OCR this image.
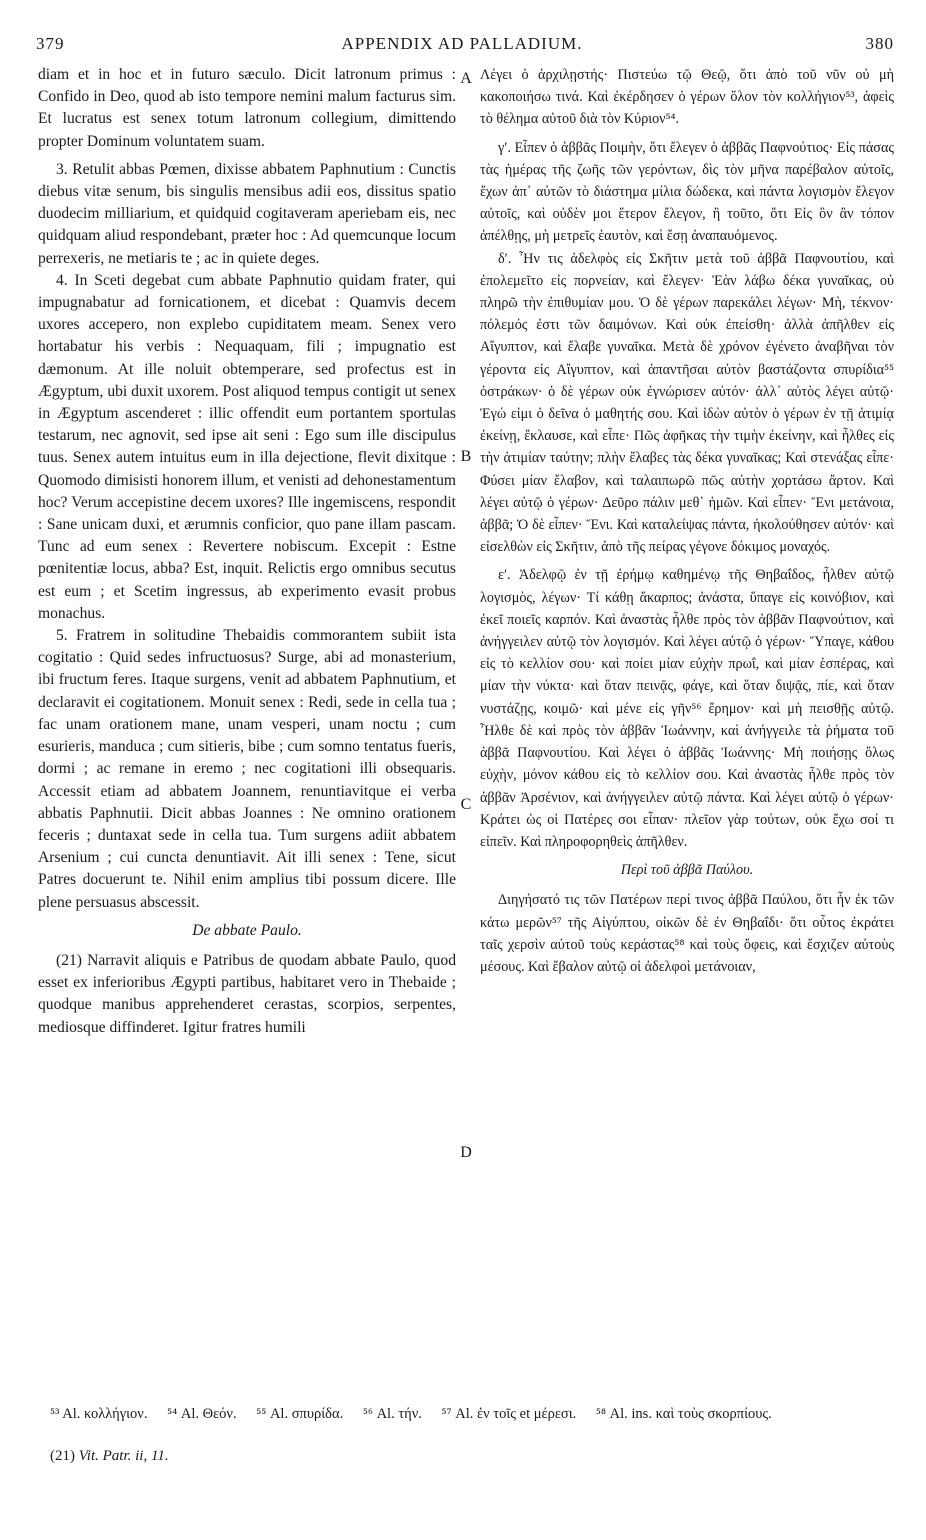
379	APPENDIX AD PALLADIUM.	380

diam et in hoc et in futuro sæculo. Dicit latronum primus : Confido in Deo, quod ab isto tempore nemini malum facturus sim. Et lucratus est senex totum latronum collegium, dimittendo propter Dominum voluntatem suam.

3. Retulit abbas Pœmen, dixisse abbatem Paphnutium : Cunctis diebus vitæ senum, bis singulis mensibus adii eos, dissitus spatio duodecim milliarium, et quidquid cogitaveram aperiebam eis, nec quidquam aliud respondebant, præter hoc : Ad quemcunque locum perrexeris, ne metiaris te ; ac in quiete deges.

4. In Sceti degebat cum abbate Paphnutio quidam frater, qui impugnabatur ad fornicationem, et dicebat : Quamvis decem uxores accepero, non explebo cupiditatem meam. Senex vero hortabatur his verbis : Nequaquam, fili ; impugnatio est dæmonum. At ille noluit obtemperare, sed profectus est in Ægyptum, ubi duxit uxorem. Post aliquod tempus contigit ut senex in Ægyptum ascenderet : illic offendit eum portantem sportulas testarum, nec agnovit, sed ipse ait seni : Ego sum ille discipulus tuus. Senex autem intuitus eum in illa dejectione, flevit dixitque : Quomodo dimisisti honorem illum, et venisti ad dehonestamentum hoc? Verum accepistine decem uxores? Ille ingemiscens, respondit : Sane unicam duxi, et ærumnis conficior, quo pane illam pascam. Tunc ad eum senex : Revertere nobiscum. Excepit : Estne pœnitentiæ locus, abba? Est, inquit. Relictis ergo omnibus secutus est eum ; et Scetim ingressus, ab experimento evasit probus monachus.

5. Fratrem in solitudine Thebaidis commorantem subiit ista cogitatio : Quid sedes infructuosus? Surge, abi ad monasterium, ibi fructum feres. Itaque surgens, venit ad abbatem Paphnutium, et declaravit ei cogitationem. Monuit senex : Redi, sede in cella tua ; fac unam orationem mane, unam vesperi, unam noctu ; cum esurieris, manduca ; cum sitieris, bibe ; cum somno tentatus fueris, dormi ; ac remane in eremo ; nec cogitationi illi obsequaris. Accessit etiam ad abbatem Joannem, renuntiavitque ei verba abbatis Paphnutii. Dicit abbas Joannes : Ne omnino orationem feceris ; duntaxat sede in cella tua. Tum surgens adiit abbatem Arsenium ; cui cuncta denuntiavit. Ait illi senex : Tene, sicut Patres docuerunt te. Nihil enim amplius tibi possum dicere. Ille plene persuasus abscessit.

De abbate Paulo.

(21) Narravit aliquis e Patribus de quodam abbate Paulo, quod esset ex inferioribus Ægypti partibus, habitaret vero in Thebaide ; quodque manibus apprehenderet cerastas, scorpios, serpentes, mediosque diffinderet. Igitur fratres humili

A
B
C
D

Λέγει ὁ ἀρχιλῃστής· Πιστεύω τῷ Θεῷ, ὅτι ἀπὸ τοῦ νῦν οὐ μὴ κακοποιήσω τινά. Καὶ ἐκέρδησεν ὁ γέρων ὅλον τὸν κολλήγιον⁵³, ἀφεὶς τὸ θέλημα αὐτοῦ διὰ τὸν Κύριον⁵⁴.

γʹ. Εἶπεν ὁ ἀββᾶς Ποιμὴν, ὅτι ἔλεγεν ὁ ἀββᾶς Παφνούτιος· Εἰς πάσας τὰς ἡμέρας τῆς ζωῆς τῶν γερόντων, δὶς τὸν μῆνα παρέβαλον αὐτοῖς, ἔχων ἀπ᾽ αὐτῶν τὸ διάστημα μίλια δώδεκα, καὶ πάντα λογισμὸν ἔλεγον αὐτοῖς, καὶ οὐδὲν μοι ἕτερον ἔλεγον, ἢ τοῦτο, ὅτι Εἰς ὃν ἂν τόπον ἀπέλθῃς, μὴ μετρεῖς ἑαυτὸν, καὶ ἔσῃ ἀναπαυόμενος.

δʹ. Ἦν τις ἀδελφὸς εἰς Σκῆτιν μετὰ τοῦ ἀββᾶ Παφνουτίου, καὶ ἐπολεμεῖτο εἰς πορνείαν, καὶ ἔλεγεν· Ἐὰν λάβω δέκα γυναῖκας, οὐ πληρῶ τὴν ἐπιθυμίαν μου. Ὁ δὲ γέρων παρεκάλει λέγων· Μὴ, τέκνον· πόλεμός ἐστι τῶν δαιμόνων. Καὶ οὐκ ἐπείσθη· ἀλλὰ ἀπῆλθεν εἰς Αἴγυπτον, καὶ ἔλαβε γυναῖκα. Μετὰ δὲ χρόνον ἐγένετο ἀναβῆναι τὸν γέροντα εἰς Αἴγυπτον, καὶ ἀπαντῆσαι αὐτὸν βαστάζοντα σπυρίδια⁵⁵ ὀστράκων· ὁ δὲ γέρων οὐκ ἐγνώρισεν αὐτόν· ἀλλ᾽ αὐτὸς λέγει αὐτῷ· Ἐγώ εἰμι ὁ δεῖνα ὁ μαθητής σου. Καὶ ἰδὼν αὐτὸν ὁ γέρων ἐν τῇ ἀτιμίᾳ ἐκείνῃ, ἔκλαυσε, καὶ εἶπε· Πῶς ἀφῆκας τὴν τιμὴν ἐκείνην, καὶ ἦλθες εἰς τὴν ἀτιμίαν ταύτην; πλὴν ἔλαβες τὰς δέκα γυναῖκας; Καὶ στενάξας εἶπε· Φύσει μίαν ἔλαβον, καὶ ταλαιπωρῶ πῶς αὐτὴν χορτάσω ἄρτον. Καὶ λέγει αὐτῷ ὁ γέρων· Δεῦρο πάλιν μεθ᾽ ἡμῶν. Καὶ εἶπεν· Ἔνι μετάνοια, ἀββᾶ; Ὁ δὲ εἶπεν· Ἔνι. Καὶ καταλείψας πάντα, ἠκολούθησεν αὐτόν· καὶ εἰσελθὼν εἰς Σκῆτιν, ἀπὸ τῆς πείρας γέγονε δόκιμος μοναχός.

εʹ. Ἀδελφῷ ἐν τῇ ἐρήμῳ καθημένῳ τῆς Θηβαΐδος, ἦλθεν αὐτῷ λογισμὸς, λέγων· Τί κάθῃ ἄκαρπος; ἀνάστα, ὕπαγε εἰς κοινόβιον, καὶ ἐκεῖ ποιεῖς καρπόν. Καὶ ἀναστὰς ἦλθε πρὸς τὸν ἀββᾶν Παφνούτιον, καὶ ἀνήγγειλεν αὐτῷ τὸν λογισμόν. Καὶ λέγει αὐτῷ ὁ γέρων· Ὕπαγε, κάθου εἰς τὸ κελλίον σου· καὶ ποίει μίαν εὐχὴν πρωΐ, καὶ μίαν ἑσπέρας, καὶ μίαν τὴν νύκτα· καὶ ὅταν πεινᾷς, φάγε, καὶ ὅταν διψᾷς, πίε, καὶ ὅταν νυστάζῃς, κοιμῶ· καὶ μένε εἰς γῆν⁵⁶ ἔρημον· καὶ μὴ πεισθῇς αὐτῷ. Ἦλθε δὲ καὶ πρὸς τὸν ἀββᾶν Ἰωάννην, καὶ ἀνήγγειλε τὰ ῥήματα τοῦ ἀββᾶ Παφνουτίου. Καὶ λέγει ὁ ἀββᾶς Ἰωάννης· Μὴ ποιήσῃς ὅλως εὐχὴν, μόνον κάθου εἰς τὸ κελλίον σου. Καὶ ἀναστὰς ἦλθε πρὸς τὸν ἀββᾶν Ἀρσένιον, καὶ ἀνήγγειλεν αὐτῷ πάντα. Καὶ λέγει αὐτῷ ὁ γέρων· Κράτει ὡς οἱ Πατέρες σοι εἶπαν· πλεῖον γὰρ τούτων, οὐκ ἔχω σοί τι εἰπεῖν. Καὶ πληροφορηθεὶς ἀπῆλθεν.

Περὶ τοῦ ἀββᾶ Παύλου.

Διηγήσατό τις τῶν Πατέρων περί τινος ἀββᾶ Παύλου, ὅτι ἦν ἐκ τῶν κάτω μερῶν⁵⁷ τῆς Αἰγύπτου, οἰκῶν δὲ ἐν Θηβαΐδι· ὅτι οὗτος ἐκράτει ταῖς χερσὶν αὐτοῦ τοὺς κεράστας⁵⁸ καὶ τοὺς ὄφεις, καὶ ἔσχιζεν αὐτοὺς μέσους. Καὶ ἔβαλον αὐτῷ οἱ ἀδελφοὶ μετάνοιαν,

⁵³ Al. κολλήγιον. ⁵⁴ Al. Θεόν. ⁵⁵ Al. σπυρίδα. ⁵⁶ Al. τήν. ⁵⁷ Al. ἐν τοῖς et μέρεσι. ⁵⁸ Al. ins. καὶ τοὺς σκορπίους.
(21) Vit. Patr. ii, 11.
